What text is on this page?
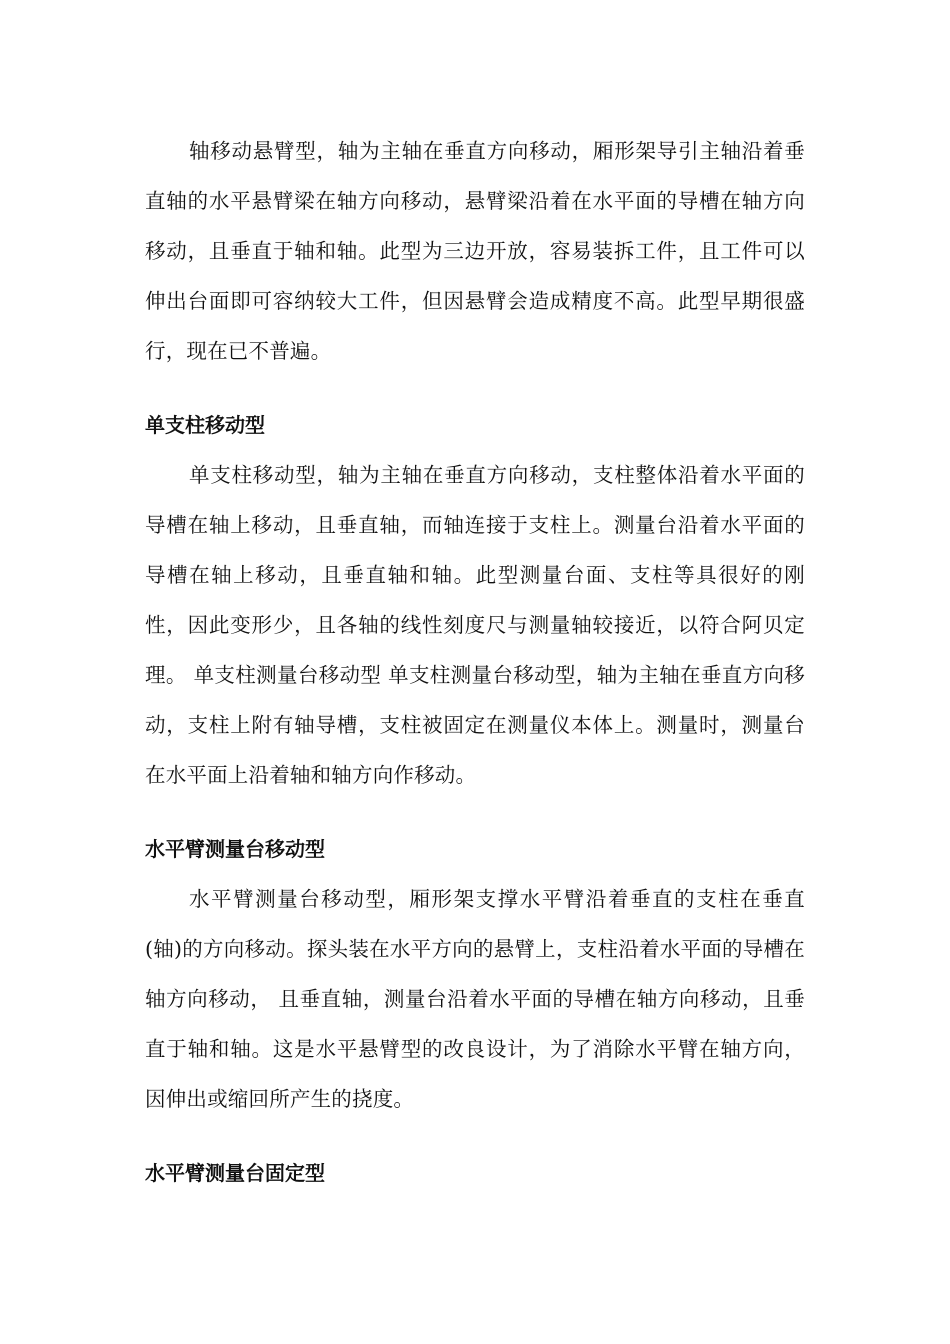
轴移动悬臂型，轴为主轴在垂直方向移动，厢形架导引主轴沿着垂直轴的水平悬臂梁在轴方向移动，悬臂梁沿着在水平面的导槽在轴方向移动，且垂直于轴和轴。此型为三边开放，容易装拆工件，且工件可以伸出台面即可容纳较大工件，但因悬臂会造成精度不高。此型早期很盛行，现在已不普遍。

单支柱移动型

单支柱移动型，轴为主轴在垂直方向移动，支柱整体沿着水平面的导槽在轴上移动，且垂直轴，而轴连接于支柱上。测量台沿着水平面的导槽在轴上移动，且垂直轴和轴。此型测量台面、支柱等具很好的刚性，因此变形少，且各轴的线性刻度尺与测量轴较接近，以符合阿贝定理。 单支柱测量台移动型 单支柱测量台移动型，轴为主轴在垂直方向移动，支柱上附有轴导槽，支柱被固定在测量仪本体上。测量时，测量台在水平面上沿着轴和轴方向作移动。

水平臂测量台移动型

水平臂测量台移动型，厢形架支撑水平臂沿着垂直的支柱在垂直(轴)的方向移动。探头装在水平方向的悬臂上，支柱沿着水平面的导槽在轴方向移动， 且垂直轴，测量台沿着水平面的导槽在轴方向移动，且垂直于轴和轴。这是水平悬臂型的改良设计，为了消除水平臂在轴方向，因伸出或缩回所产生的挠度。

水平臂测量台固定型
